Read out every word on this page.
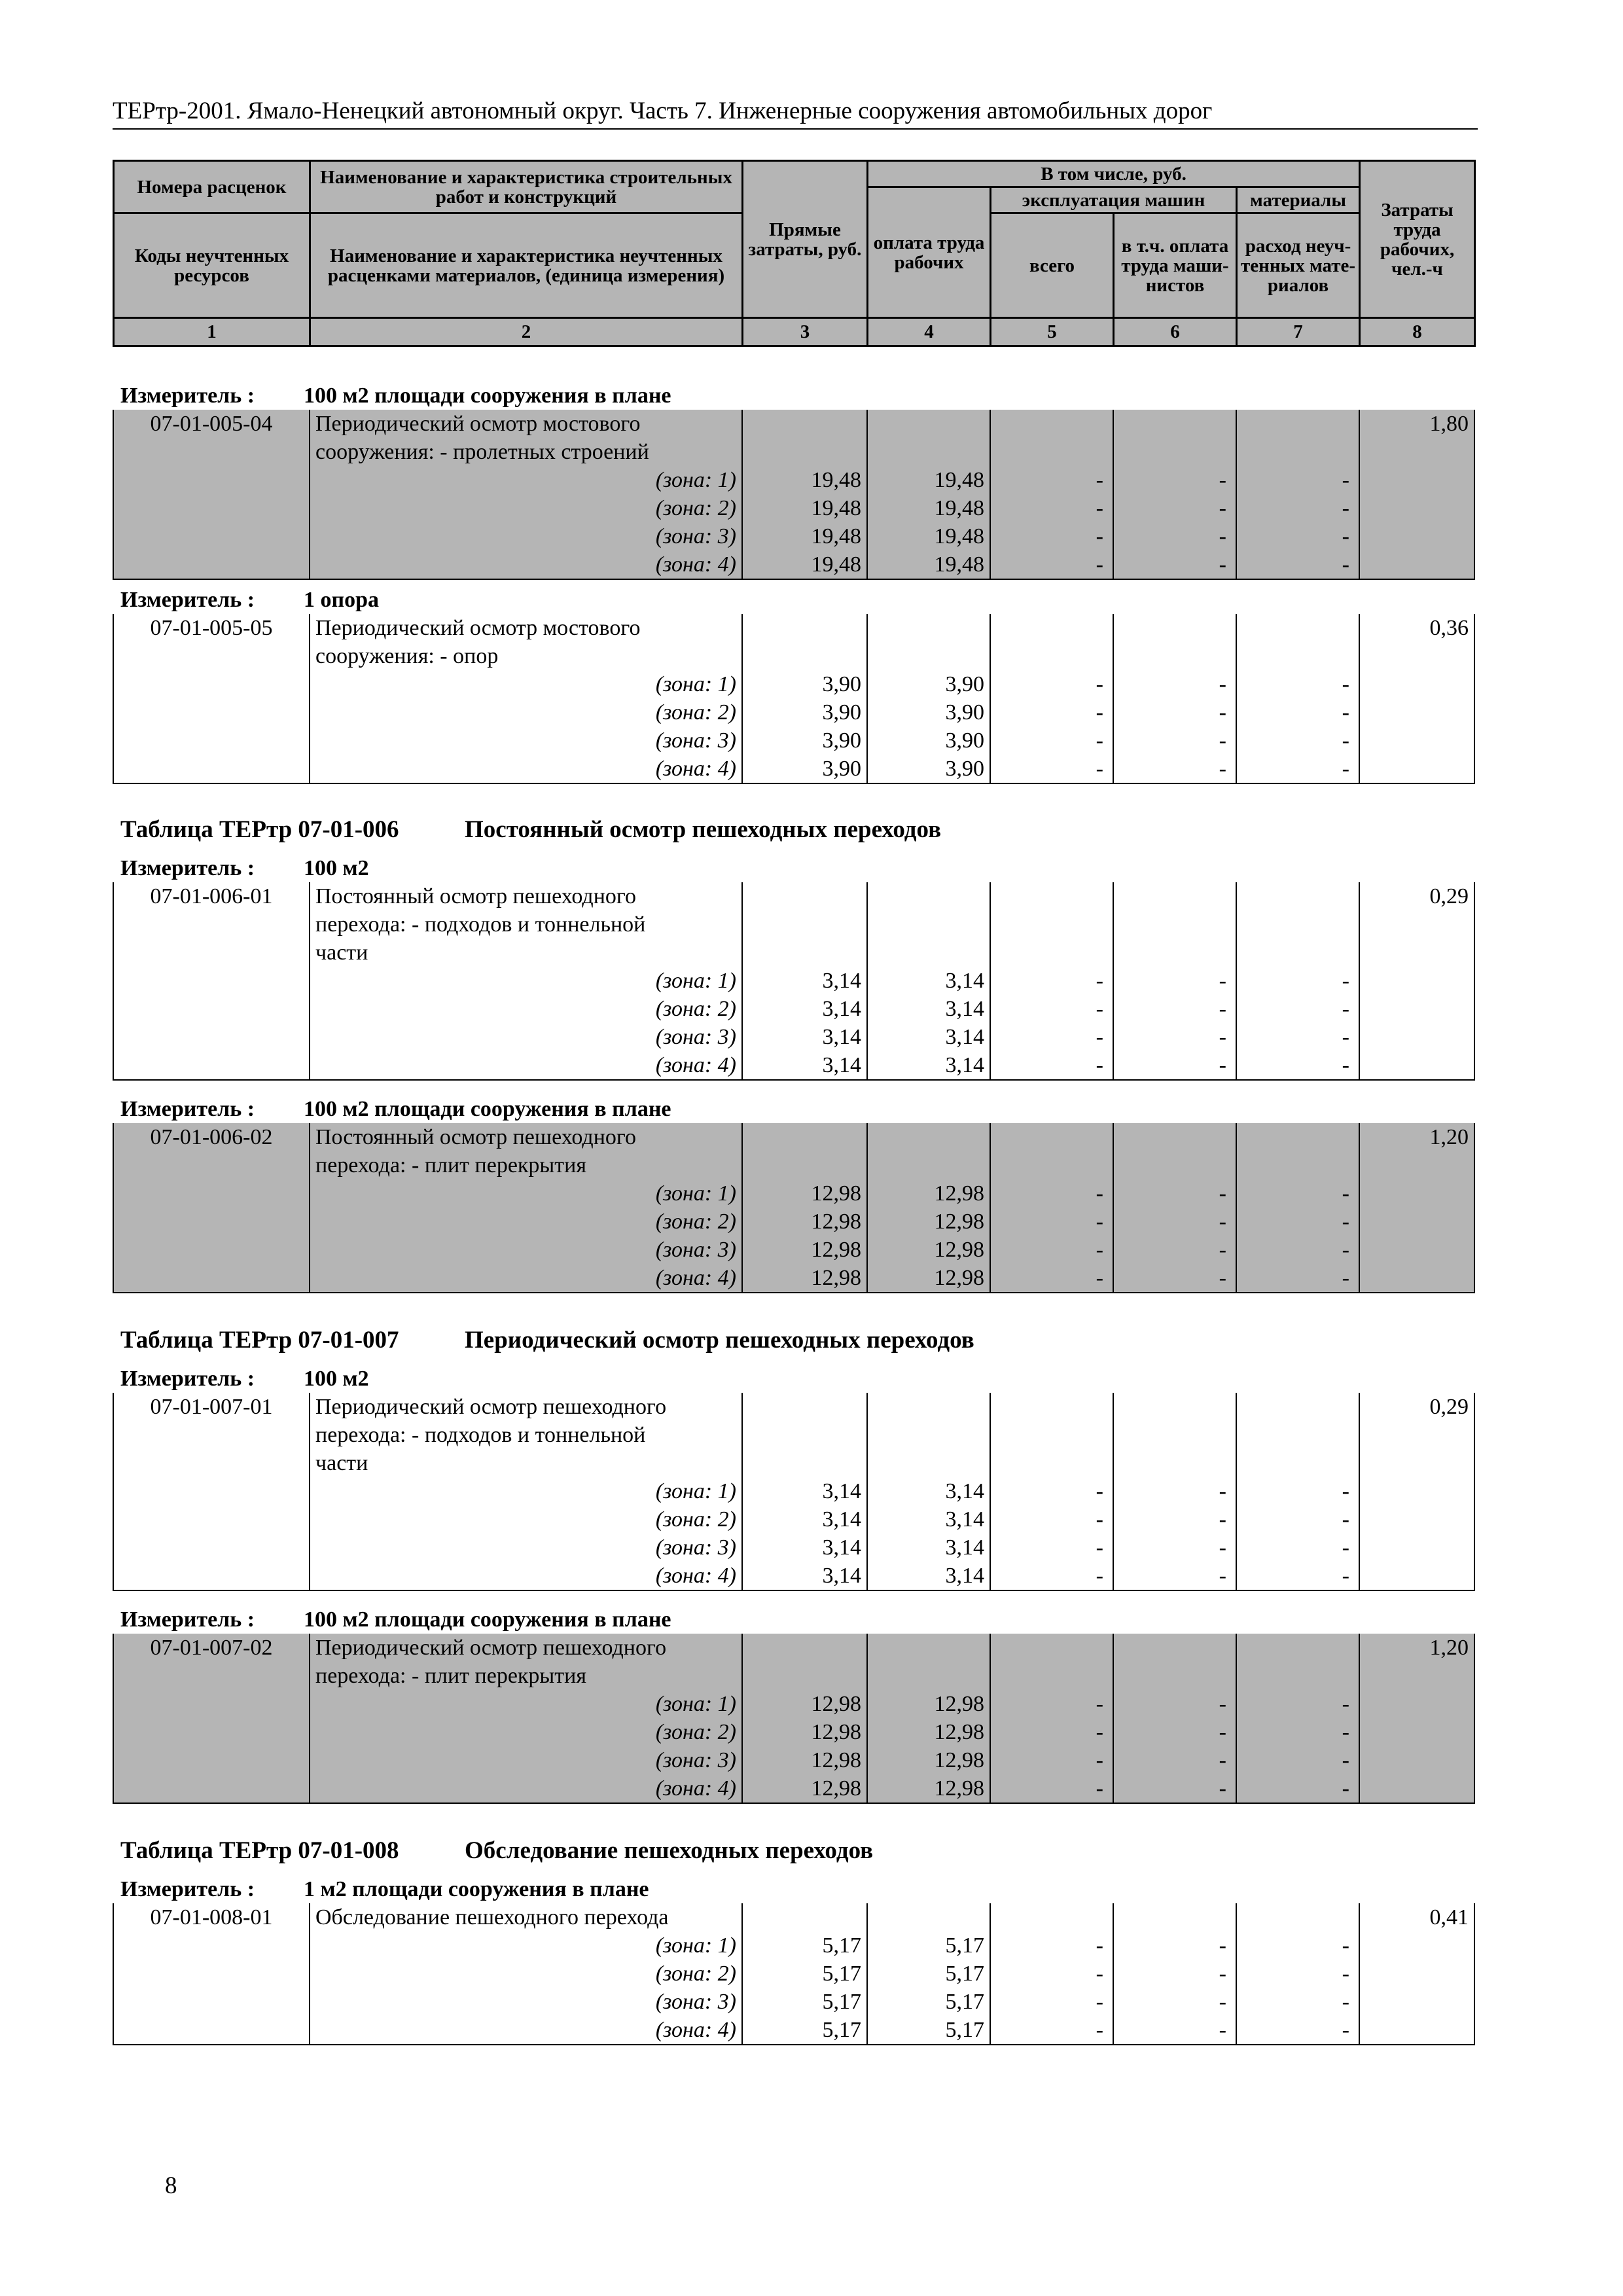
ТЕРтр-2001. Ямало-Ненецкий автономный округ. Часть 7. Инженерные сооружения автомобильных дорог
Номера расценок	Наименование и характеристика строительных работ и конструкций	Прямые затраты, руб.	В том числе, руб.				Затраты труда рабочих, чел.-ч
			оплата труда рабочих	эксплуатация машин		материалы	
Коды неучтенных ресурсов	Наименование и характеристика неучтенных расценками материалов, (единица измерения)			всего	в т.ч. оплата труда маши-нистов	расход неуч-тенных мате-риалов	

1	2	3	4	5	6	7	8
Измеритель : 100 м2 площади сооружения в плане
07-01-005-04	Периодический осмотр мостового						1,80
	сооружения: - пролетных строений						
	(зона: 1)	19,48	19,48	-	-	-	
	(зона: 2)	19,48	19,48	-	-	-	
	(зона: 3)	19,48	19,48	-	-	-	
	(зона: 4)	19,48	19,48	-	-	-	
Измеритель : 1 опора
07-01-005-05	Периодический осмотр мостового						0,36
	сооружения: - опор						
	(зона: 1)	3,90	3,90	-	-	-	
	(зона: 2)	3,90	3,90	-	-	-	
	(зона: 3)	3,90	3,90	-	-	-	
	(зона: 4)	3,90	3,90	-	-	-	
Таблица ТЕРтр 07-01-006	Постоянный осмотр пешеходных переходов
Измеритель : 100 м2
07-01-006-01	Постоянный осмотр пешеходного						0,29
	перехода: - подходов и тоннельной						
	части						
	(зона: 1)	3,14	3,14	-	-	-	
	(зона: 2)	3,14	3,14	-	-	-	
	(зона: 3)	3,14	3,14	-	-	-	
	(зона: 4)	3,14	3,14	-	-	-	
Измеритель : 100 м2 площади сооружения в плане
07-01-006-02	Постоянный осмотр пешеходного						1,20
	перехода: - плит перекрытия						
	(зона: 1)	12,98	12,98	-	-	-	
	(зона: 2)	12,98	12,98	-	-	-	
	(зона: 3)	12,98	12,98	-	-	-	
	(зона: 4)	12,98	12,98	-	-	-	
Таблица ТЕРтр 07-01-007	Периодический осмотр пешеходных переходов
Измеритель : 100 м2
07-01-007-01	Периодический осмотр пешеходного						0,29
	перехода: - подходов и тоннельной						
	части						
	(зона: 1)	3,14	3,14	-	-	-	
	(зона: 2)	3,14	3,14	-	-	-	
	(зона: 3)	3,14	3,14	-	-	-	
	(зона: 4)	3,14	3,14	-	-	-	
Измеритель : 100 м2 площади сооружения в плане
07-01-007-02	Периодический осмотр пешеходного						1,20
	перехода: - плит перекрытия						
	(зона: 1)	12,98	12,98	-	-	-	
	(зона: 2)	12,98	12,98	-	-	-	
	(зона: 3)	12,98	12,98	-	-	-	
	(зона: 4)	12,98	12,98	-	-	-	
Таблица ТЕРтр 07-01-008	Обследование пешеходных переходов
Измеритель : 1 м2 площади сооружения в плане
07-01-008-01	Обследование пешеходного перехода						0,41
	(зона: 1)	5,17	5,17	-	-	-	
	(зона: 2)	5,17	5,17	-	-	-	
	(зона: 3)	5,17	5,17	-	-	-	
	(зона: 4)	5,17	5,17	-	-	-	
8
